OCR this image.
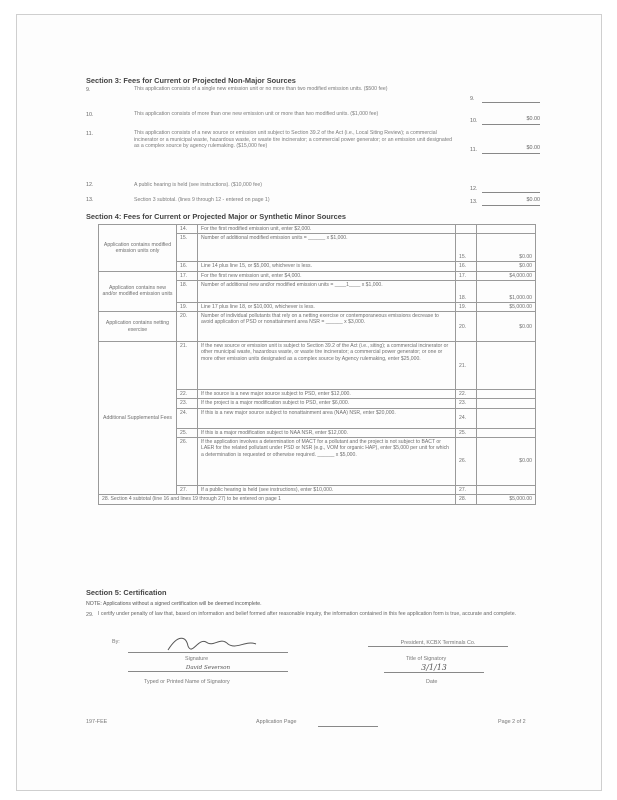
Section 3: Fees for Current or Projected Non-Major Sources
9.	This application consists of a single new emission unit or no more than two modified emission units. ($500 fee)
9.
10.	This application consists of more than one new emission unit or more than two modified units. ($1,000 fee)
10.	$0.00
11.	This application consists of a new source or emission unit subject to Section 39.2 of the Act (i.e., Local Siting Review); a commercial incinerator or a municipal waste, hazardous waste, or waste tire incinerator; a commercial power generator; or an emission unit designated as a complex source by agency rulemaking. ($15,000 fee)
11.	$0.00
12.	A public hearing is held (see instructions). ($10,000 fee)
12.
13.	Section 3 subtotal. (lines 9 through 12 - entered on page 1)	13.	$0.00
Section 4: Fees for Current or Projected Major or Synthetic Minor Sources
Application contains modified emission units only	14.	For the first modified emission unit, enter $2,000.		
	15.	Number of additional modified emission units = ______ x $1,000.	15.	$0.00
	16.	Line 14 plus line 15, or $5,000, whichever is less.	16.	$0.00
Application contains new and/or modified emission units	17.	For the first new emission unit, enter $4,000.	17.	$4,000.00
	18.	Number of additional new and/or modified emission units = ____1____ x $1,000.	18.	$1,000.00
	19.	Line 17 plus line 18, or $10,000, whichever is less.	19.	$5,000.00
Application contains netting exercise	20.	Number of individual pollutants that rely on a netting exercise or contemporaneous emissions decrease to avoid application of PSD or nonattainment area NSR = ______ x $3,000.	20.	$0.00
Additional Supplemental Fees	21.	If the new source or emission unit is subject to Section 39.2 of the Act (i.e., siting); a commercial incinerator or other municipal waste, hazardous waste, or waste tire incinerator; a commercial power generator; or one or more other emission units designated as a complex source by Agency rulemaking, enter $25,000.	21.	
	22.	If the source is a new major source subject to PSD, enter $12,000.	22.	
	23.	If the project is a major modification subject to PSD, enter $6,000.	23.	
	24.	If this is a new major source subject to nonattainment area (NAA) NSR, enter $20,000.	24.	
	25.	If this is a major modification subject to NAA NSR, enter $12,000.	25.	
	26.	If the application involves a determination of MACT for a pollutant and the project is not subject to BACT or LAER for the related pollutant under PSD or NSR (e.g., VOM for organic HAP), enter $5,000 per unit for which a determination is requested or otherwise required. ______ x $5,000.	26.	$0.00
	27.	If a public hearing is held (see instructions), enter $10,000.	27.	
28. Section 4 subtotal (line 16 and lines 19 through 27) to be entered on page 1			28.	$5,000.00
Section 5: Certification
NOTE: Applications without a signed certification will be deemed incomplete.
29. I certify under penalty of law that, based on information and belief formed after reasonable inquiry, the information contained in this fee application form is true, accurate and complete.
By:
Signature
President, KCBX Terminals Co.
Title of Signatory
David Severson
Typed or Printed Name of Signatory
3/1/13
Date
197-FEE	Application Page	Page 2 of 2
